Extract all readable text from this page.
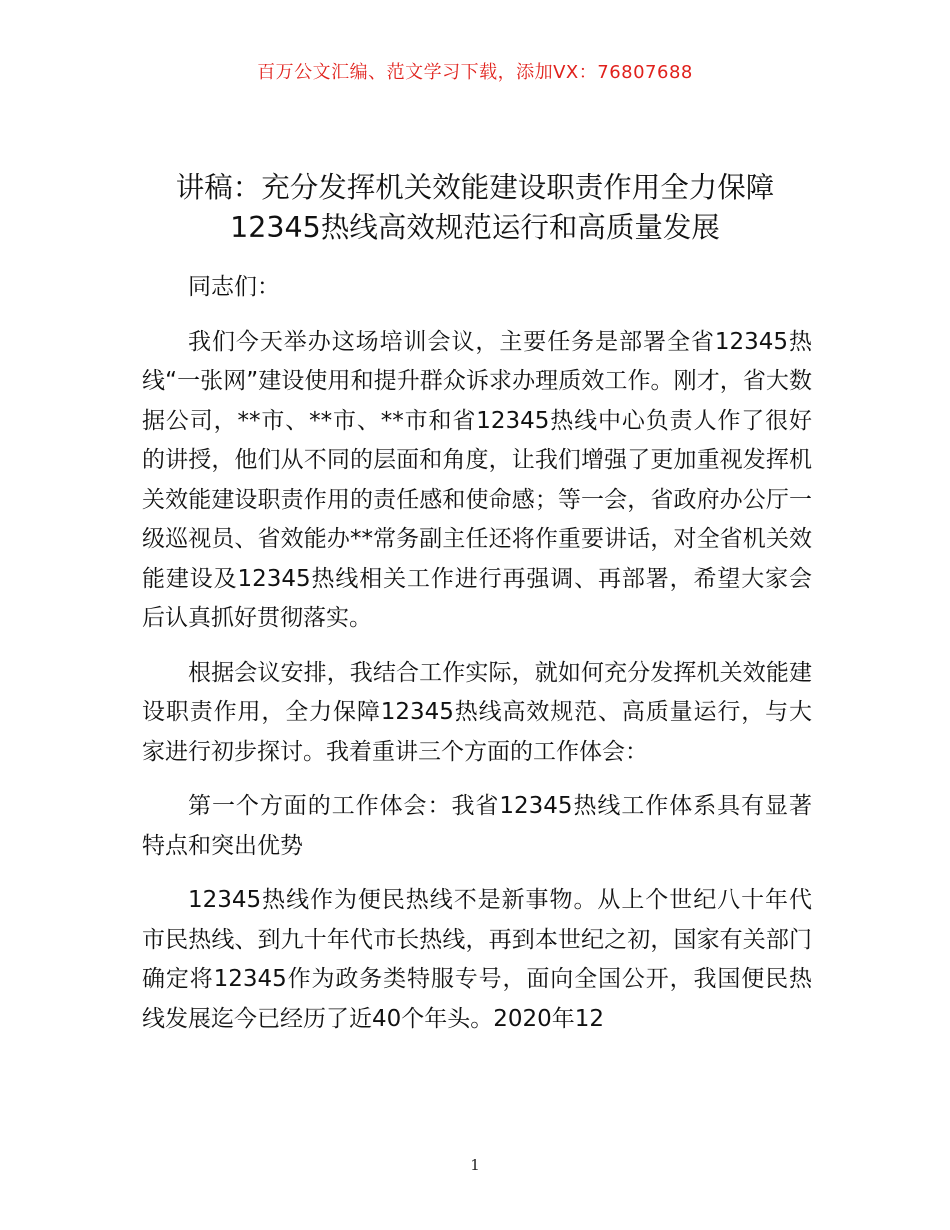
百万公文汇编、范文学习下载，添加VX：76807688
讲稿：充分发挥机关效能建设职责作用全力保障12345热线高效规范运行和高质量发展

同志们：

我们今天举办这场培训会议，主要任务是部署全省12345热线“一张网”建设使用和提升群众诉求办理质效工作。刚才，省大数据公司，**市、**市、**市和省12345热线中心负责人作了很好的讲授，他们从不同的层面和角度，让我们增强了更加重视发挥机关效能建设职责作用的责任感和使命感；等一会，省政府办公厅一级巡视员、省效能办**常务副主任还将作重要讲话，对全省机关效能建设及12345热线相关工作进行再强调、再部署，希望大家会后认真抓好贯彻落实。

根据会议安排，我结合工作实际，就如何充分发挥机关效能建设职责作用，全力保障12345热线高效规范、高质量运行，与大家进行初步探讨。我着重讲三个方面的工作体会：

第一个方面的工作体会：我省12345热线工作体系具有显著特点和突出优势

12345热线作为便民热线不是新事物。从上个世纪八十年代市民热线、到九十年代市长热线，再到本世纪之初，国家有关部门确定将12345作为政务类特服专号，面向全国公开，我国便民热线发展迄今已经历了近40个年头。2020年12

1
